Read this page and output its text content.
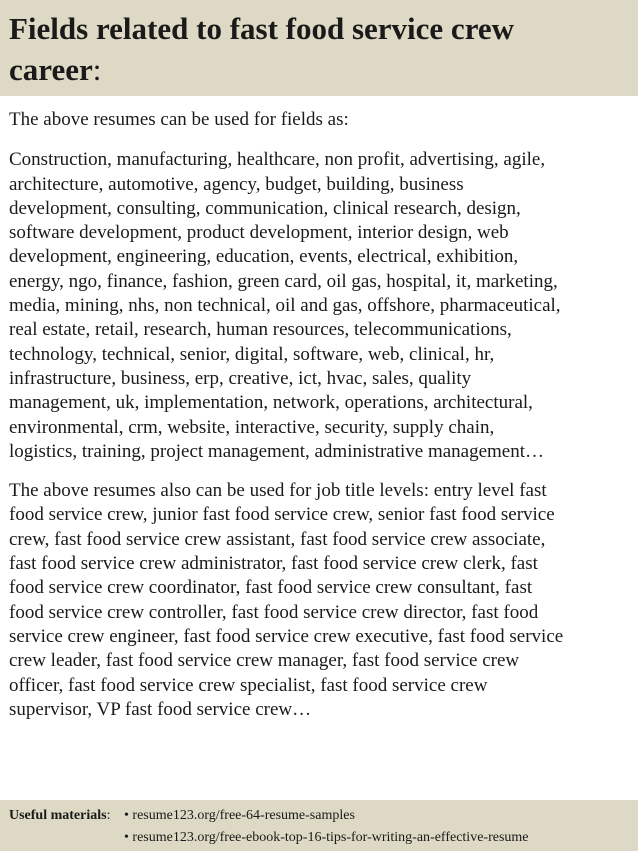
Fields related to fast food service crew
career:

The above resumes can be used for fields as:

Construction, manufacturing, healthcare, non profit, advertising, agile,
architecture, automotive, agency, budget, building, business
development, consulting, communication, clinical research, design,
software development, product development, interior design, web
development, engineering, education, events, electrical, exhibition,
energy, ngo, finance, fashion, green card, oil gas, hospital, it, marketing,
media, mining, nhs, non technical, oil and gas, offshore, pharmaceutical,
real estate, retail, research, human resources, telecommunications,
technology, technical, senior, digital, software, web, clinical, hr,
infrastructure, business, erp, creative, ict, hvac, sales, quality
management, uk, implementation, network, operations, architectural,
environmental, crm, website, interactive, security, supply chain,
logistics, training, project management, administrative management…

The above resumes also can be used for job title levels: entry level fast
food service crew, junior fast food service crew, senior fast food service
crew, fast food service crew assistant, fast food service crew associate,
fast food service crew administrator, fast food service crew clerk, fast
food service crew coordinator, fast food service crew consultant, fast
food service crew controller, fast food service crew director, fast food
service crew engineer, fast food service crew executive, fast food service
crew leader, fast food service crew manager, fast food service crew
officer, fast food service crew specialist, fast food service crew
supervisor, VP fast food service crew…

Useful materials: • resume123.org/free-64-resume-samples
• resume123.org/free-ebook-top-16-tips-for-writing-an-effective-resume
